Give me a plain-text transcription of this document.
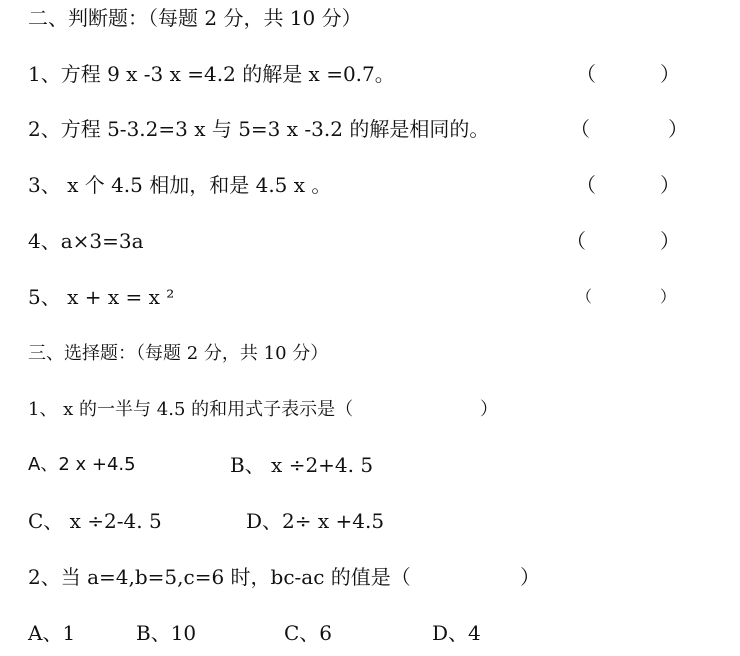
二、判断题：（每题 2 分，共 10 分）
1、方程 9 x -3 x =4.2 的解是 x =0.7。	（	）
2、方程 5-3.2=3 x 与 5=3 x -3.2 的解是相同的。	（	）
3、 x 个 4.5 相加，和是 4.5 x 。	（	）
4、a×3=3a	（	）
5、 x + x = x ²	（	）
三、选择题：（每题 2 分，共 10 分）
1、 x 的一半与 4.5 的和用式子表示是（	）
A、2 x +4.5	B、 x ÷2+4. 5
C、 x ÷2-4. 5	D、2÷ x +4.5
2、当 a=4,b=5,c=6 时，bc-ac 的值是（	）
A、1	B、10	C、6	D、4
